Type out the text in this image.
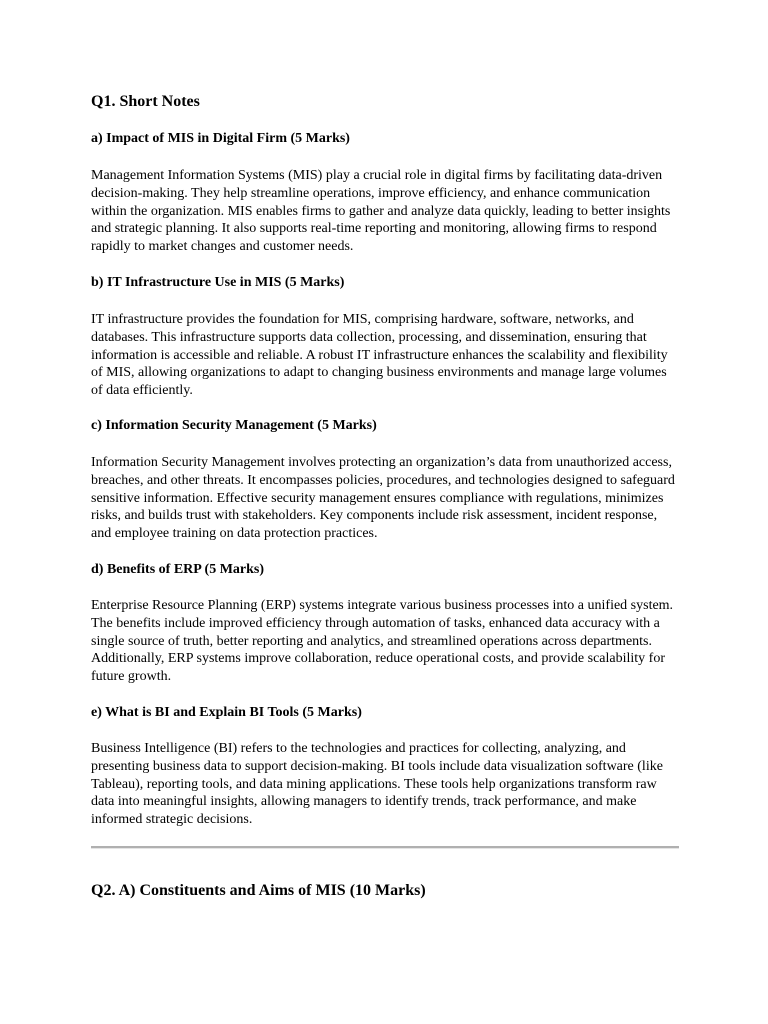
Q1. Short Notes
a) Impact of MIS in Digital Firm (5 Marks)

Management Information Systems (MIS) play a crucial role in digital firms by facilitating data-driven decision-making. They help streamline operations, improve efficiency, and enhance communication within the organization. MIS enables firms to gather and analyze data quickly, leading to better insights and strategic planning. It also supports real-time reporting and monitoring, allowing firms to respond rapidly to market changes and customer needs.

b) IT Infrastructure Use in MIS (5 Marks)

IT infrastructure provides the foundation for MIS, comprising hardware, software, networks, and databases. This infrastructure supports data collection, processing, and dissemination, ensuring that information is accessible and reliable. A robust IT infrastructure enhances the scalability and flexibility of MIS, allowing organizations to adapt to changing business environments and manage large volumes of data efficiently.

c) Information Security Management (5 Marks)

Information Security Management involves protecting an organization’s data from unauthorized access, breaches, and other threats. It encompasses policies, procedures, and technologies designed to safeguard sensitive information. Effective security management ensures compliance with regulations, minimizes risks, and builds trust with stakeholders. Key components include risk assessment, incident response, and employee training on data protection practices.

d) Benefits of ERP (5 Marks)

Enterprise Resource Planning (ERP) systems integrate various business processes into a unified system. The benefits include improved efficiency through automation of tasks, enhanced data accuracy with a single source of truth, better reporting and analytics, and streamlined operations across departments. Additionally, ERP systems improve collaboration, reduce operational costs, and provide scalability for future growth.

e) What is BI and Explain BI Tools (5 Marks)

Business Intelligence (BI) refers to the technologies and practices for collecting, analyzing, and presenting business data to support decision-making. BI tools include data visualization software (like Tableau), reporting tools, and data mining applications. These tools help organizations transform raw data into meaningful insights, allowing managers to identify trends, track performance, and make informed strategic decisions.

Q2. A) Constituents and Aims of MIS (10 Marks)
